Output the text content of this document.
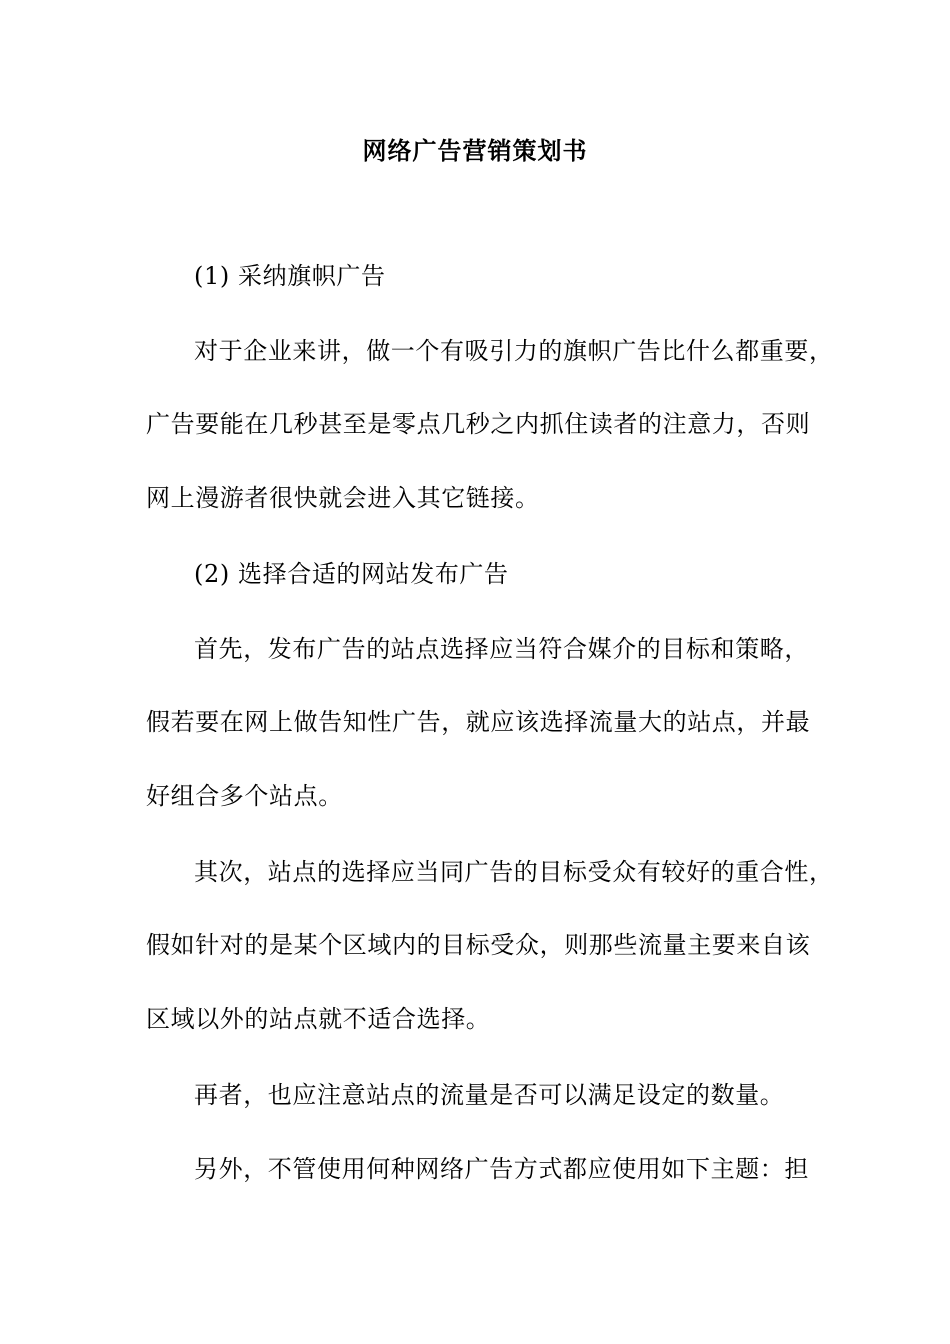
网络广告营销策划书
(1) 采纳旗帜广告
对于企业来讲，做一个有吸引力的旗帜广告比什么都重要，
广告要能在几秒甚至是零点几秒之内抓住读者的注意力，否则
网上漫游者很快就会进入其它链接。
(2) 选择合适的网站发布广告
首先，发布广告的站点选择应当符合媒介的目标和策略，
假若要在网上做告知性广告，就应该选择流量大的站点，并最
好组合多个站点。
其次，站点的选择应当同广告的目标受众有较好的重合性，
假如针对的是某个区域内的目标受众，则那些流量主要来自该
区域以外的站点就不适合选择。
再者，也应注意站点的流量是否可以满足设定的数量。
另外，不管使用何种网络广告方式都应使用如下主题：担
